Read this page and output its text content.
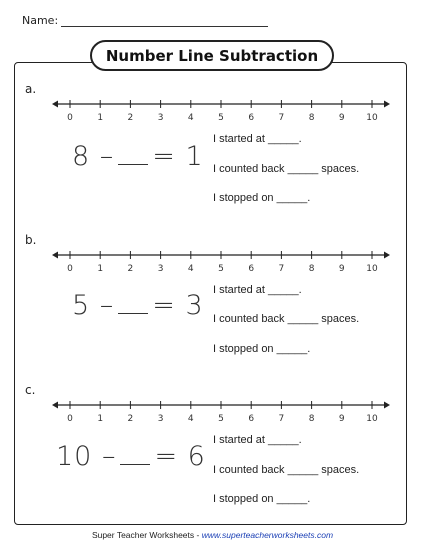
Name:
Number Line Subtraction
a.
0	1	2	3	4	5	6	7	8	9 10
8 – = 1
I started at _____.
I counted back _____ spaces.
I stopped on _____.
b.
0	1	2	3	4	5	6	7	8	9 10
5 – = 3 I started at _____.
I counted back _____ spaces.
I stopped on _____.
c.
0	1	2	3	4	5	6	7	8	9 10
10 – = 6
I started at _____.
I counted back _____ spaces.
I stopped on _____.
Super Teacher Worksheets - www.superteacherworksheets.com
